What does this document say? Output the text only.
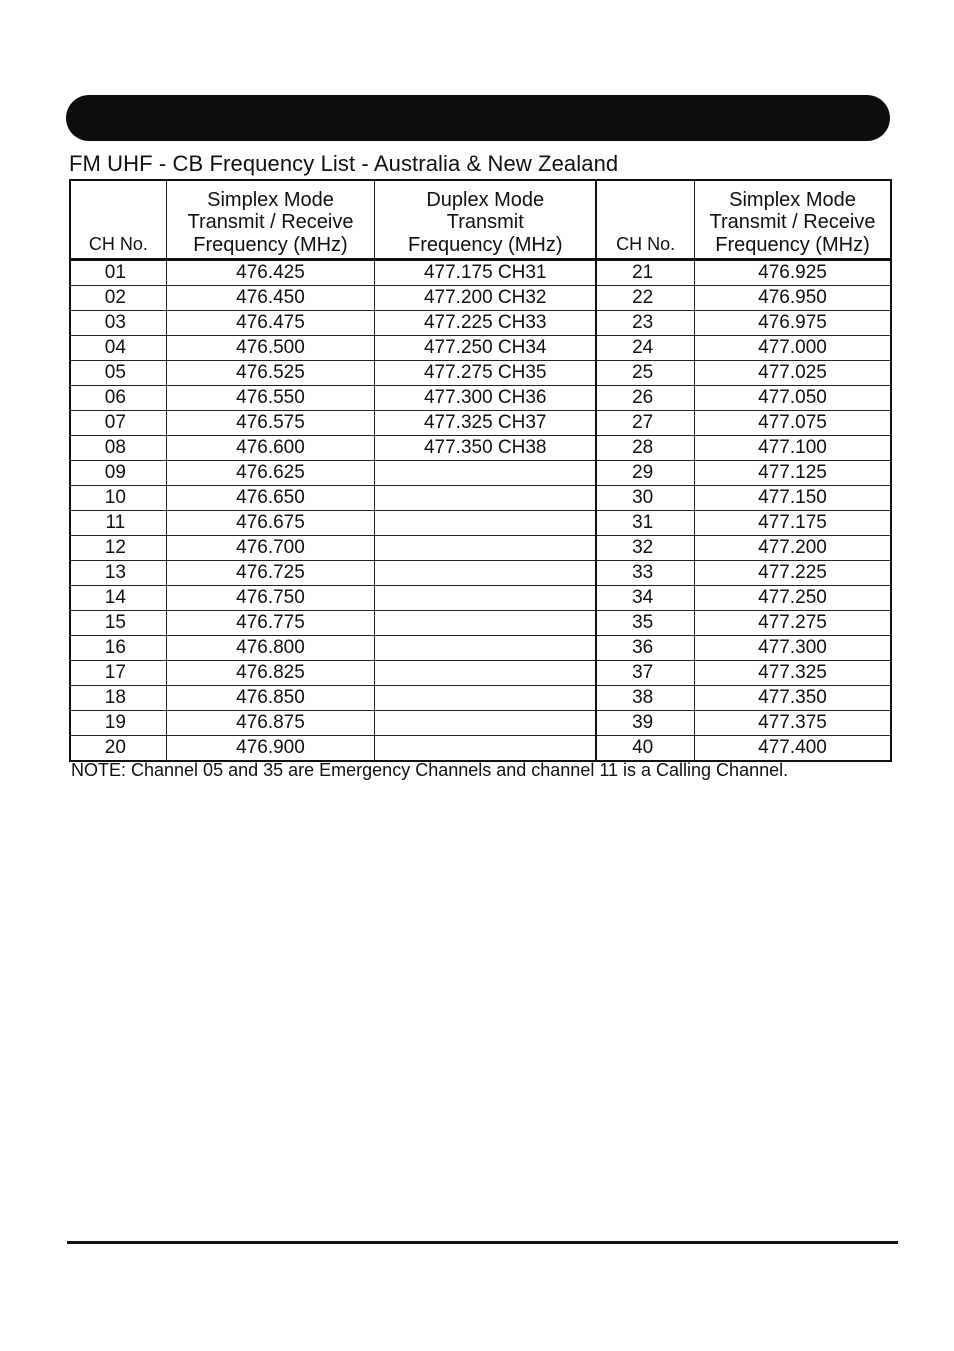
FM UHF - CB Frequency List - Australia & New Zealand
CH No.	Simplex Mode
Transmit / Receive
Frequency (MHz)	Duplex Mode
Transmit
Frequency (MHz)	CH No.	Simplex Mode
Transmit / Receive
Frequency (MHz)

01	476.425	477.175 CH31	21	476.925
02	476.450	477.200 CH32	22	476.950
03	476.475	477.225 CH33	23	476.975
04	476.500	477.250 CH34	24	477.000
05	476.525	477.275 CH35	25	477.025
06	476.550	477.300 CH36	26	477.050
07	476.575	477.325 CH37	27	477.075
08	476.600	477.350 CH38	28	477.100
09	476.625		29	477.125
10	476.650		30	477.150
11	476.675		31	477.175
12	476.700		32	477.200
13	476.725		33	477.225
14	476.750		34	477.250
15	476.775		35	477.275
16	476.800		36	477.300
17	476.825		37	477.325
18	476.850		38	477.350
19	476.875		39	477.375
20	476.900		40	477.400
NOTE: Channel 05 and 35 are Emergency Channels and channel 11 is a Calling Channel.
